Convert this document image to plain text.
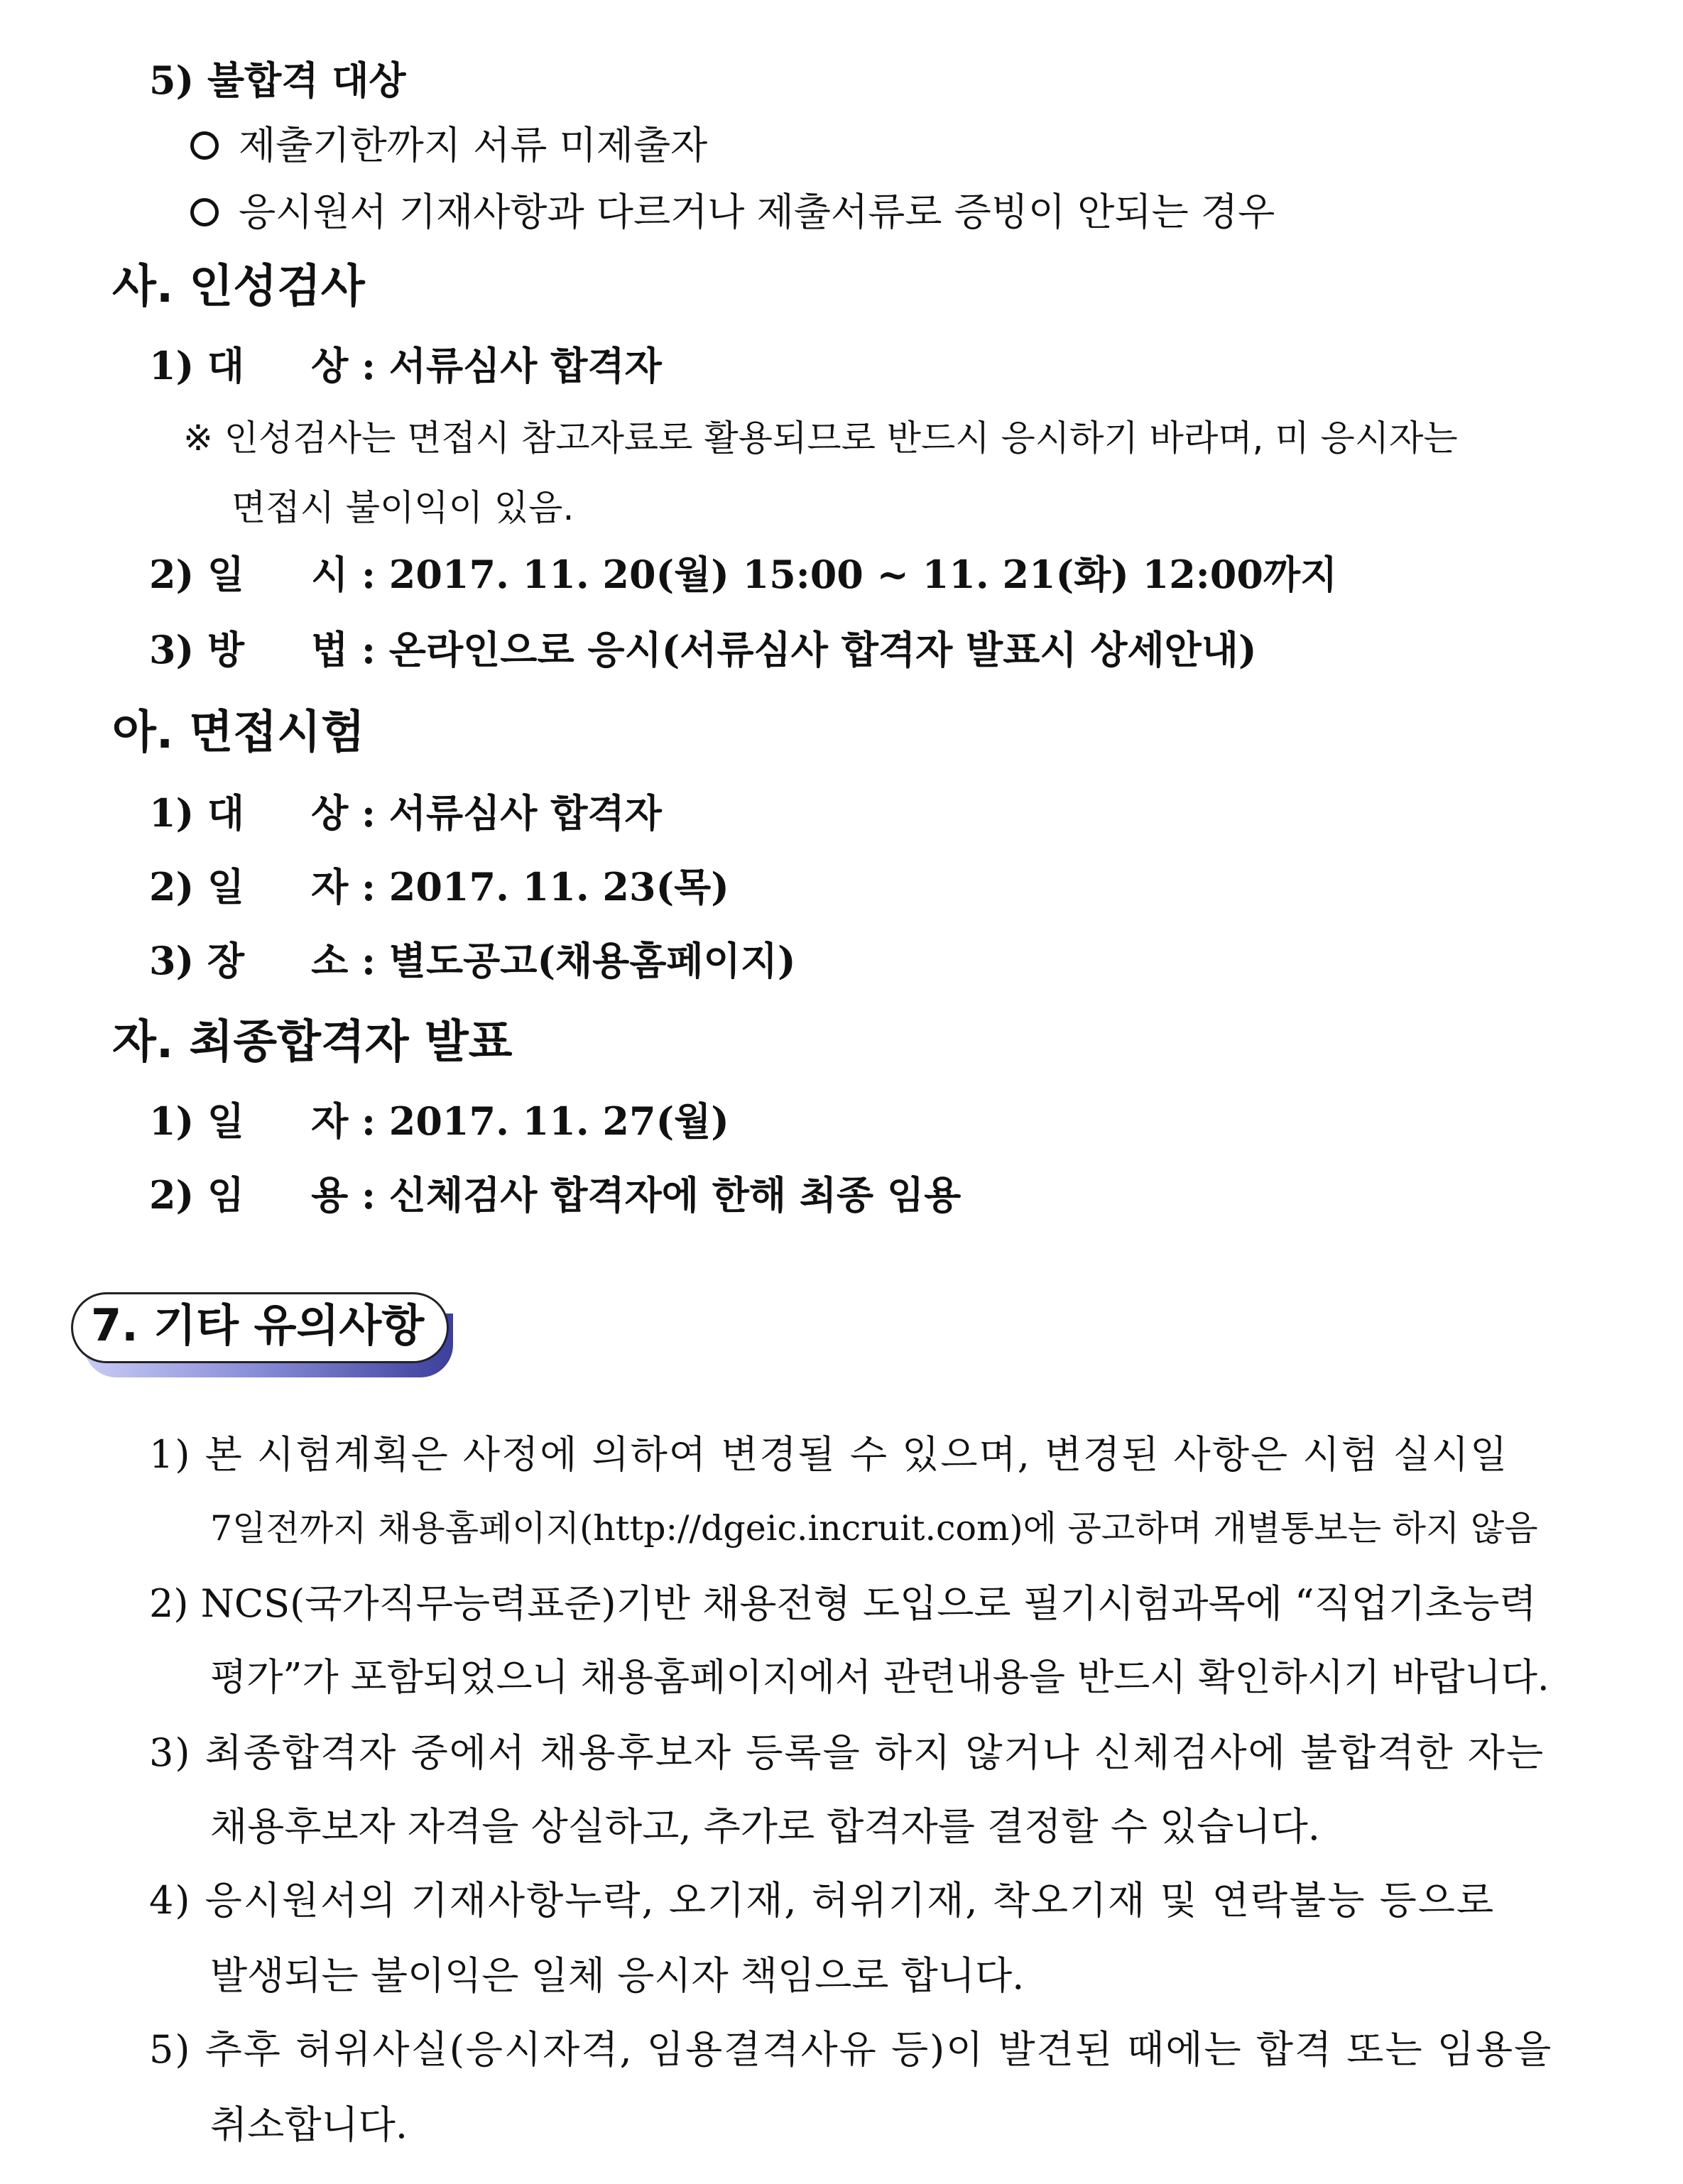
5) 불합격 대상
제출기한까지 서류 미제출자
응시원서 기재사항과 다르거나 제출서류로 증빙이 안되는 경우
사. 인성검사
1) 대     상 : 서류심사 합격자
※ 인성검사는 면접시 참고자료로 활용되므로 반드시 응시하기 바라며, 미 응시자는
면접시 불이익이 있음.
2) 일     시 : 2017. 11. 20(월) 15:00 ~ 11. 21(화) 12:00까지
3) 방     법 : 온라인으로 응시(서류심사 합격자 발표시 상세안내)
아. 면접시험
1) 대     상 : 서류심사 합격자
2) 일     자 : 2017. 11. 23(목)
3) 장     소 : 별도공고(채용홈페이지)
자. 최종합격자 발표
1) 일     자 : 2017. 11. 27(월)
2) 임     용 : 신체검사 합격자에 한해 최종 임용
7. 기타 유의사항
1) 본 시험계획은 사정에 의하여 변경될 수 있으며, 변경된 사항은 시험 실시일
7일전까지 채용홈페이지(http://dgeic.incruit.com)에 공고하며 개별통보는 하지 않음
2) NCS(국가직무능력표준)기반 채용전형 도입으로 필기시험과목에 “직업기초능력
평가”가 포함되었으니 채용홈페이지에서 관련내용을 반드시 확인하시기 바랍니다.
3) 최종합격자 중에서 채용후보자 등록을 하지 않거나 신체검사에 불합격한 자는
채용후보자 자격을 상실하고, 추가로 합격자를 결정할 수 있습니다.
4) 응시원서의 기재사항누락, 오기재, 허위기재, 착오기재 및 연락불능 등으로
발생되는 불이익은 일체 응시자 책임으로 합니다.
5) 추후 허위사실(응시자격, 임용결격사유 등)이 발견된 때에는 합격 또는 임용을
취소합니다.
